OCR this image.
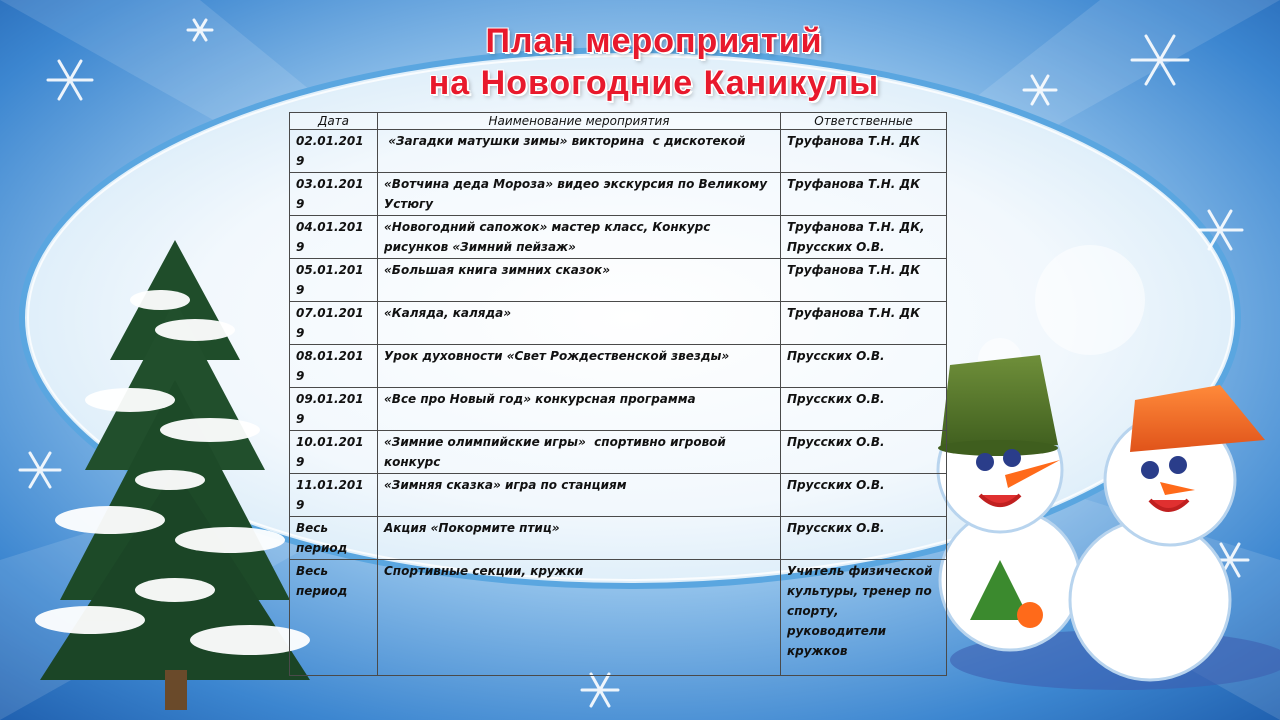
План мероприятий
на Новогодние Каникулы
Дата	Наименование мероприятия	Ответственные
02.01.2019	«Загадки матушки зимы» викторина  с дискотекой	Труфанова Т.Н. ДК
03.01.2019	«Вотчина деда Мороза» видео экскурсия по Великому Устюгу	Труфанова Т.Н. ДК
04.01.2019	«Новогодний сапожок» мастер класс, Конкурс рисунков «Зимний пейзаж»	Труфанова Т.Н. ДК, Прусских О.В.
05.01.2019	«Большая книга зимних сказок»	Труфанова Т.Н. ДК
07.01.2019	«Каляда, каляда»	Труфанова Т.Н. ДК
08.01.2019	Урок духовности «Свет Рождественской звезды»	Прусских О.В.
09.01.2019	«Все про Новый год» конкурсная программа	Прусских О.В.
10.01.2019	«Зимние олимпийские игры»  спортивно игровой конкурс	Прусских О.В.
11.01.2019	«Зимняя сказка» игра по станциям	Прусских О.В.
Весь период	Акция «Покормите птиц»	Прусских О.В.
Весь период	Спортивные секции, кружки	Учитель физической культуры, тренер по спорту, руководители кружков
